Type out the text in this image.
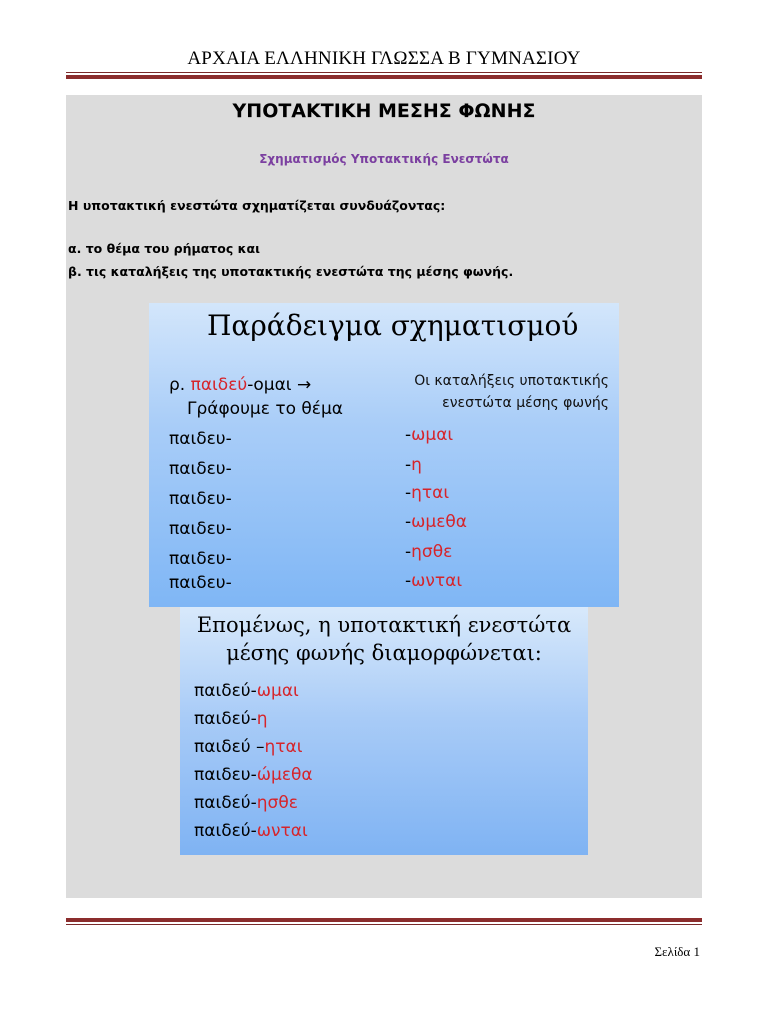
ΑΡΧΑΙΑ ΕΛΛΗΝΙΚΗ ΓΛΩΣΣΑ Β ΓΥΜΝΑΣΙΟΥ
ΥΠΟΤΑΚΤΙΚΗ ΜΕΣΗΣ ΦΩΝΗΣ
Σχηματισμός Υποτακτικής Ενεστώτα
Η υποτακτική ενεστώτα σχηματίζεται συνδυάζοντας:
α. το θέμα του ρήματος και
β. τις καταλήξεις της υποτακτικής ενεστώτα της μέσης φωνής.
Παράδειγμα σχηματισμού
ρ. παιδεύ-ομαι →
Γράφουμε το θέμα
Οι καταλήξεις υποτακτικής
ενεστώτα μέσης φωνής
παιδευ-
παιδευ-
παιδευ-
παιδευ-
παιδευ-
παιδευ-
-ωμαι
-η
-ηται
-ωμεθα
-ησθε
-ωνται
Επομένως, η υποτακτική ενεστώτα
μέσης φωνής διαμορφώνεται:
παιδεύ-ωμαι
παιδεύ-η
παιδεύ –ηται
παιδευ-ώμεθα
παιδεύ-ησθε
παιδεύ-ωνται
Σελίδα 1
